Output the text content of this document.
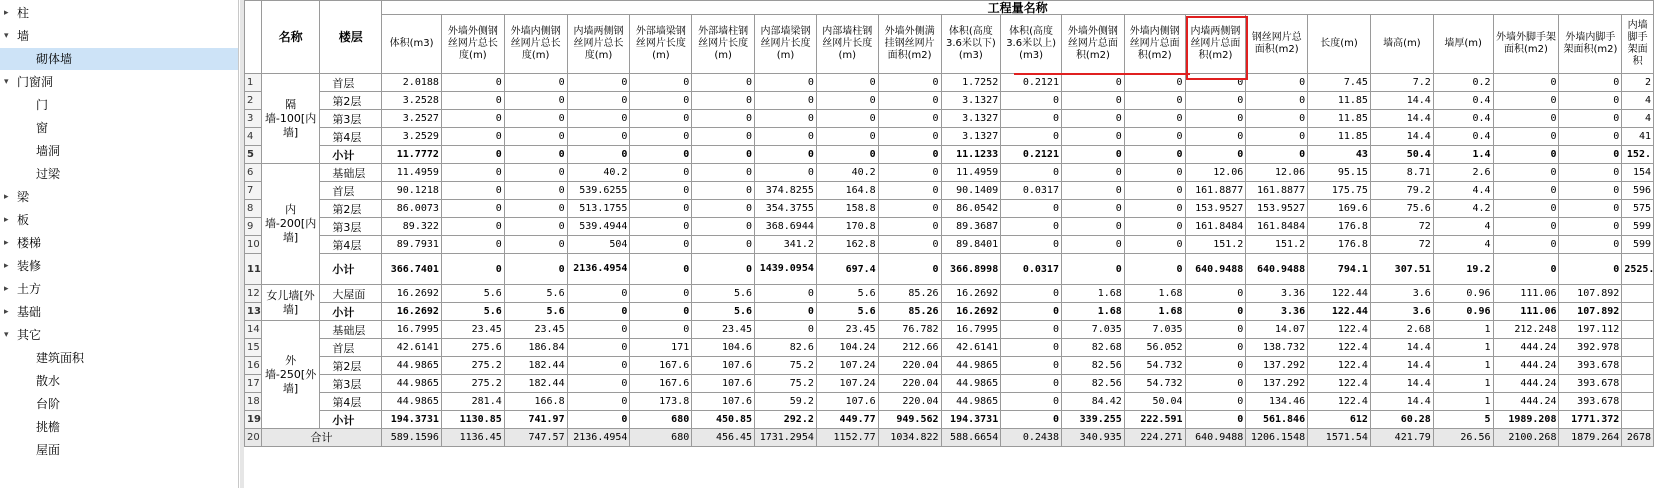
▸ 柱
▾ 墙
砌体墙
▾ 门窗洞
门
窗
墙洞
过梁
▸ 梁
▸ 板
▸ 楼梯
▸ 装修
▸ 土方
▸ 基础
▾ 其它
建筑面积
散水
台阶
挑檐
屋面
	名称	楼层	工程量名称																				
			体积(m3)	外墙外侧钢丝网片总长度(m)	外墙内侧钢丝网片总长度(m)	内墙两侧钢丝网片总长度(m)	外部墙梁钢丝网片长度(m)	外部墙柱钢丝网片长度(m)	内部墙梁钢丝网片长度(m)	内部墙柱钢丝网片长度(m)	外墙外侧满挂钢丝网片面积(m2)	体积(高度3.6米以下)(m3)	体积(高度3.6米以上)(m3)	外墙外侧钢丝网片总面积(m2)	外墙内侧钢丝网片总面积(m2)	内墙两侧钢丝网片总面积(m2)	钢丝网片总面积(m2)	长度(m)	墙高(m)	墙厚(m)	外墙外脚手架面积(m2)	外墙内脚手架面积(m2)	内墙脚手架面积
1	隔墙-100[内墙]	首层	2.0188	0	0	0	0	0	0	0	0	1.7252	0.2121	0	0	0	0	7.45	7.2	0.2	0	0	2
2		第2层	3.2528	0	0	0	0	0	0	0	0	3.1327	0	0	0	0	0	11.85	14.4	0.4	0	0	4
3		第3层	3.2527	0	0	0	0	0	0	0	0	3.1327	0	0	0	0	0	11.85	14.4	0.4	0	0	4
4		第4层	3.2529	0	0	0	0	0	0	0	0	3.1327	0	0	0	0	0	11.85	14.4	0.4	0	0	41
5		小计	11.7772	0	0	0	0	0	0	0	0	11.1233	0.2121	0	0	0	0	43	50.4	1.4	0	0	152.
6	内墙-200[内墙]	基础层	11.4959	0	0	40.2	0	0	0	40.2	0	11.4959	0	0	0	12.06	12.06	95.15	8.71	2.6	0	0	154
7		首层	90.1218	0	0	539.6255	0	0	374.8255	164.8	0	90.1409	0.0317	0	0	161.8877	161.8877	175.75	79.2	4.4	0	0	596
8		第2层	86.0073	0	0	513.1755	0	0	354.3755	158.8	0	86.0542	0	0	0	153.9527	153.9527	169.6	75.6	4.2	0	0	575
9		第3层	89.322	0	0	539.4944	0	0	368.6944	170.8	0	89.3687	0	0	0	161.8484	161.8484	176.8	72	4	0	0	599
10		第4层	89.7931	0	0	504	0	0	341.2	162.8	0	89.8401	0	0	0	151.2	151.2	176.8	72	4	0	0	599
11		小计	366.7401	0	0	2136.4954	0	0	1439.0954	697.4	0	366.8998	0.0317	0	0	640.9488	640.9488	794.1	307.51	19.2	0	0	2525.
12	女儿墙[外墙]	大屋面	16.2692	5.6	5.6	0	0	5.6	0	5.6	85.26	16.2692	0	1.68	1.68	0	3.36	122.44	3.6	0.96	111.06	107.892	
13		小计	16.2692	5.6	5.6	0	0	5.6	0	5.6	85.26	16.2692	0	1.68	1.68	0	3.36	122.44	3.6	0.96	111.06	107.892	
14	外墙-250[外墙]	基础层	16.7995	23.45	23.45	0	0	23.45	0	23.45	76.782	16.7995	0	7.035	7.035	0	14.07	122.4	2.68	1	212.248	197.112	
15		首层	42.6141	275.6	186.84	0	171	104.6	82.6	104.24	212.66	42.6141	0	82.68	56.052	0	138.732	122.4	14.4	1	444.24	392.978	
16		第2层	44.9865	275.2	182.44	0	167.6	107.6	75.2	107.24	220.04	44.9865	0	82.56	54.732	0	137.292	122.4	14.4	1	444.24	393.678	
17		第3层	44.9865	275.2	182.44	0	167.6	107.6	75.2	107.24	220.04	44.9865	0	82.56	54.732	0	137.292	122.4	14.4	1	444.24	393.678	
18		第4层	44.9865	281.4	166.8	0	173.8	107.6	59.2	107.6	220.04	44.9865	0	84.42	50.04	0	134.46	122.4	14.4	1	444.24	393.678	
19		小计	194.3731	1130.85	741.97	0	680	450.85	292.2	449.77	949.562	194.3731	0	339.255	222.591	0	561.846	612	60.28	5	1989.208	1771.372	
20	合计		589.1596	1136.45	747.57	2136.4954	680	456.45	1731.2954	1152.77	1034.822	588.6654	0.2438	340.935	224.271	640.9488	1206.1548	1571.54	421.79	26.56	2100.268	1879.264	2678
